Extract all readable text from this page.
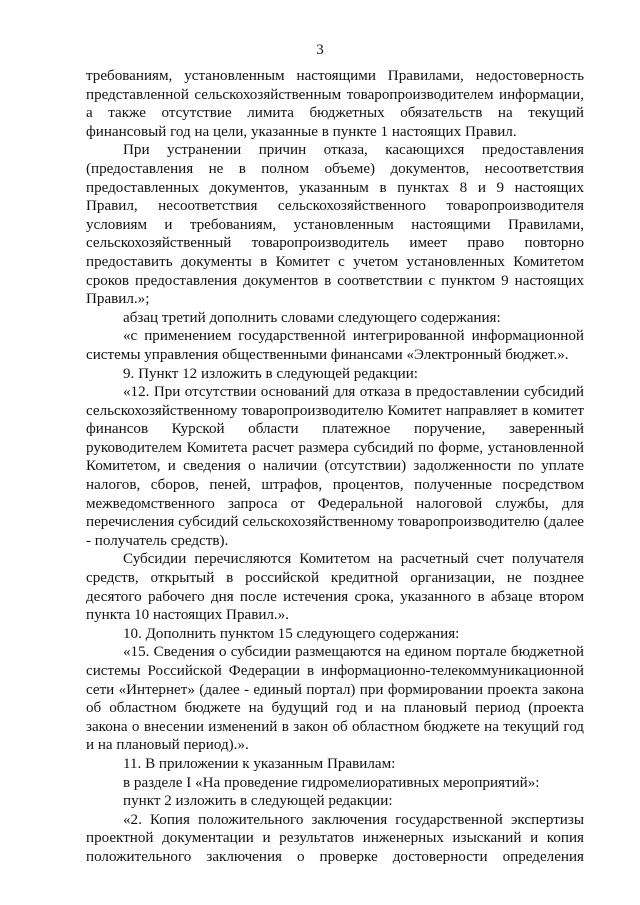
3

требованиям, установленным настоящими Правилами, недостоверность представленной сельскохозяйственным товаропроизводителем информации, а также отсутствие лимита бюджетных обязательств на текущий финансовый год на цели, указанные в пункте 1 настоящих Правил.

При устранении причин отказа, касающихся предоставления (предоставления не в полном объеме) документов, несоответствия предоставленных документов, указанным в пунктах 8 и 9 настоящих Правил, несоответствия сельскохозяйственного товаропроизводителя условиям и требованиям, установленным настоящими Правилами, сельскохозяйственный товаропроизводитель имеет право повторно предоставить документы в Комитет с учетом установленных Комитетом сроков предоставления документов в соответствии с пунктом 9 настоящих Правил.»;

абзац третий дополнить словами следующего содержания:

«с применением государственной интегрированной информационной системы управления общественными финансами «Электронный бюджет.».

9. Пункт 12 изложить в следующей редакции:

«12. При отсутствии оснований для отказа в предоставлении субсидий сельскохозяйственному товаропроизводителю Комитет направляет в комитет финансов Курской области платежное поручение, заверенный руководителем Комитета расчет размера субсидий по форме, установленной Комитетом, и сведения о наличии (отсутствии) задолженности по уплате налогов, сборов, пеней, штрафов, процентов, полученные посредством межведомственного запроса от Федеральной налоговой службы, для перечисления субсидий сельскохозяйственному товаропроизводителю (далее - получатель средств).

Субсидии перечисляются Комитетом на расчетный счет получателя средств, открытый в российской кредитной организации, не позднее десятого рабочего дня после истечения срока, указанного в абзаце втором пункта 10 настоящих Правил.».

10. Дополнить пунктом 15 следующего содержания:

«15. Сведения о субсидии размещаются на едином портале бюджетной системы Российской Федерации в информационно-телекоммуникационной сети «Интернет» (далее - единый портал) при формировании проекта закона об областном бюджете на будущий год и на плановый период (проекта закона о внесении изменений в закон об областном бюджете на текущий год и на плановый период).».

11. В приложении к указанным Правилам:

в разделе I «На проведение гидромелиоративных мероприятий»:

пункт 2 изложить в следующей редакции:

«2. Копия положительного заключения государственной экспертизы проектной документации и результатов инженерных изысканий и копия положительного заключения о проверке достоверности определения
